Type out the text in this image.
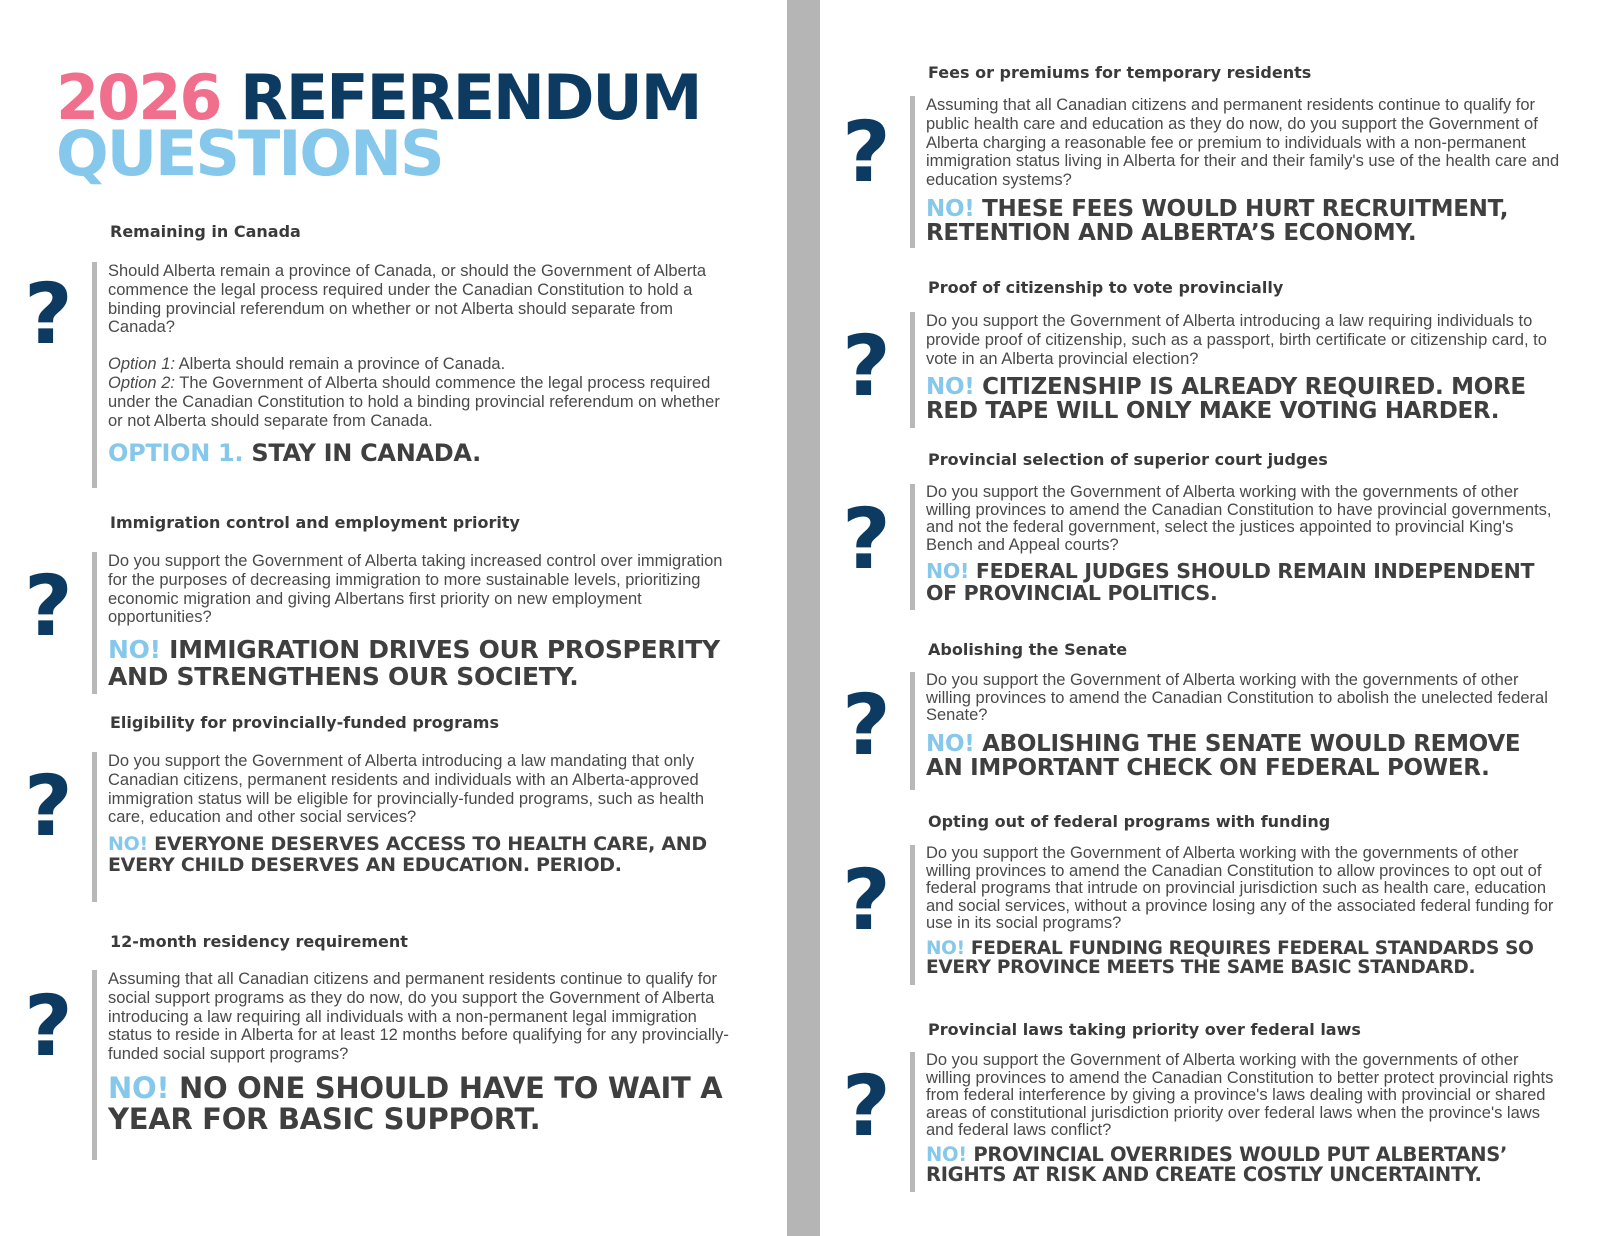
2026 REFERENDUM
QUESTIONS
Remaining in Canada
? Should Alberta remain a province of Canada, or should the Government of Alberta commence the legal process required under the Canadian Constitution to hold a binding provincial referendum on whether or not Alberta should separate from Canada?
Option 1: Alberta should remain a province of Canada.
Option 2: The Government of Alberta should commence the legal process required under the Canadian Constitution to hold a binding provincial referendum on whether or not Alberta should separate from Canada.
OPTION 1. STAY IN CANADA.
Immigration control and employment priority
? Do you support the Government of Alberta taking increased control over immigration for the purposes of decreasing immigration to more sustainable levels, prioritizing economic migration and giving Albertans first priority on new employment opportunities?
NO! IMMIGRATION DRIVES OUR PROSPERITY AND STRENGTHENS OUR SOCIETY.
Eligibility for provincially-funded programs
? Do you support the Government of Alberta introducing a law mandating that only Canadian citizens, permanent residents and individuals with an Alberta-approved immigration status will be eligible for provincially-funded programs, such as health care, education and other social services?
NO! EVERYONE DESERVES ACCESS TO HEALTH CARE, AND EVERY CHILD DESERVES AN EDUCATION. PERIOD.
12-month residency requirement
? Assuming that all Canadian citizens and permanent residents continue to qualify for social support programs as they do now, do you support the Government of Alberta introducing a law requiring all individuals with a non-permanent legal immigration status to reside in Alberta for at least 12 months before qualifying for any provincially-funded social support programs?
NO! NO ONE SHOULD HAVE TO WAIT A YEAR FOR BASIC SUPPORT.
Fees or premiums for temporary residents
? Assuming that all Canadian citizens and permanent residents continue to qualify for public health care and education as they do now, do you support the Government of Alberta charging a reasonable fee or premium to individuals with a non-permanent immigration status living in Alberta for their and their family's use of the health care and education systems?
NO! THESE FEES WOULD HURT RECRUITMENT, RETENTION AND ALBERTA’S ECONOMY.
Proof of citizenship to vote provincially
? Do you support the Government of Alberta introducing a law requiring individuals to provide proof of citizenship, such as a passport, birth certificate or citizenship card, to vote in an Alberta provincial election?
NO! CITIZENSHIP IS ALREADY REQUIRED. MORE RED TAPE WILL ONLY MAKE VOTING HARDER.
Provincial selection of superior court judges
? Do you support the Government of Alberta working with the governments of other willing provinces to amend the Canadian Constitution to have provincial governments, and not the federal government, select the justices appointed to provincial King's Bench and Appeal courts?
NO! FEDERAL JUDGES SHOULD REMAIN INDEPENDENT OF PROVINCIAL POLITICS.
Abolishing the Senate
? Do you support the Government of Alberta working with the governments of other willing provinces to amend the Canadian Constitution to abolish the unelected federal Senate?
NO! ABOLISHING THE SENATE WOULD REMOVE AN IMPORTANT CHECK ON FEDERAL POWER.
Opting out of federal programs with funding
? Do you support the Government of Alberta working with the governments of other willing provinces to amend the Canadian Constitution to allow provinces to opt out of federal programs that intrude on provincial jurisdiction such as health care, education and social services, without a province losing any of the associated federal funding for use in its social programs?
NO! FEDERAL FUNDING REQUIRES FEDERAL STANDARDS SO EVERY PROVINCE MEETS THE SAME BASIC STANDARD.
Provincial laws taking priority over federal laws
? Do you support the Government of Alberta working with the governments of other willing provinces to amend the Canadian Constitution to better protect provincial rights from federal interference by giving a province's laws dealing with provincial or shared areas of constitutional jurisdiction priority over federal laws when the province's laws and federal laws conflict?
NO! PROVINCIAL OVERRIDES WOULD PUT ALBERTANS’ RIGHTS AT RISK AND CREATE COSTLY UNCERTAINTY.
